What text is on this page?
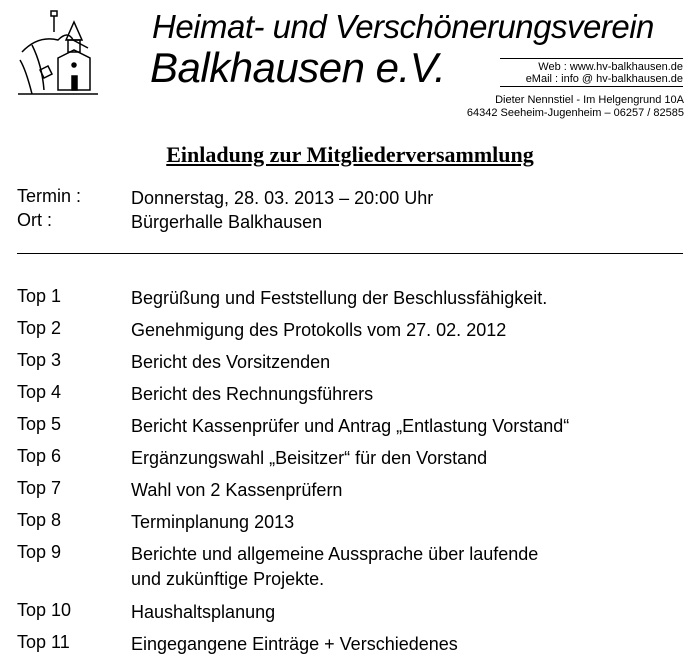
Heimat- und Verschönerungsverein
Balkhausen e.V.	Web : www.hv-balkhausen.de
eMail : info @ hv-balkhausen.de
Dieter Nennstiel - Im Helgengrund 10A
64342 Seeheim-Jugenheim – 06257 / 82585
Einladung zur Mitgliederversammlung
Termin :	Donnerstag, 28. 03. 2013 – 20:00 Uhr
Ort :	Bürgerhalle Balkhausen
Top 1	Begrüßung und Feststellung der Beschlussfähigkeit.
Top 2	Genehmigung des Protokolls vom 27. 02. 2012
Top 3	Bericht des Vorsitzenden
Top 4	Bericht des Rechnungsführers
Top 5	Bericht Kassenprüfer und Antrag „Entlastung Vorstand“
Top 6	Ergänzungswahl „Beisitzer“ für den Vorstand
Top 7	Wahl von 2 Kassenprüfern
Top 8	Terminplanung 2013
Top 9	Berichte und allgemeine Aussprache über laufende
und zukünftige Projekte.
Top 10	Haushaltsplanung
Top 11	Eingegangene Einträge + Verschiedenes
